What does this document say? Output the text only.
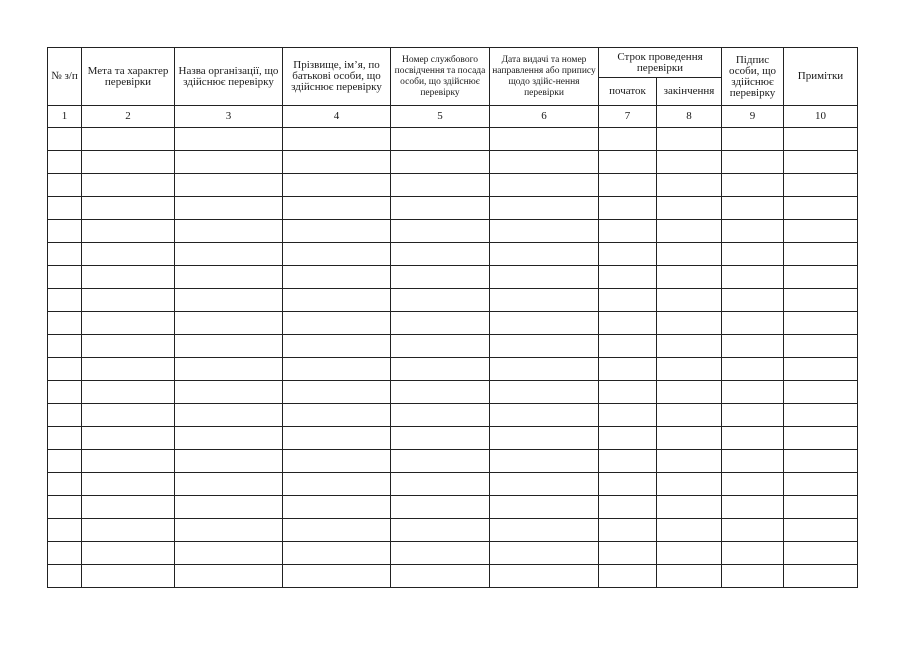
№ з/п	Мета та характер перевірки	Назва організації, що здійснює перевірку	Прізвище, ім’я, по батькові особи, що здійснює перевірку	Номер службового посвідчення та посада особи, що здійснює перевірку	Дата видачі та номер направлення або припису щодо здійс-нення перевірки	Строк проведення перевірки		Підпис особи, що здійснює перевірку	Примітки
						початок	закінчення		
1	2	3	4	5	6	7	8	9	10
